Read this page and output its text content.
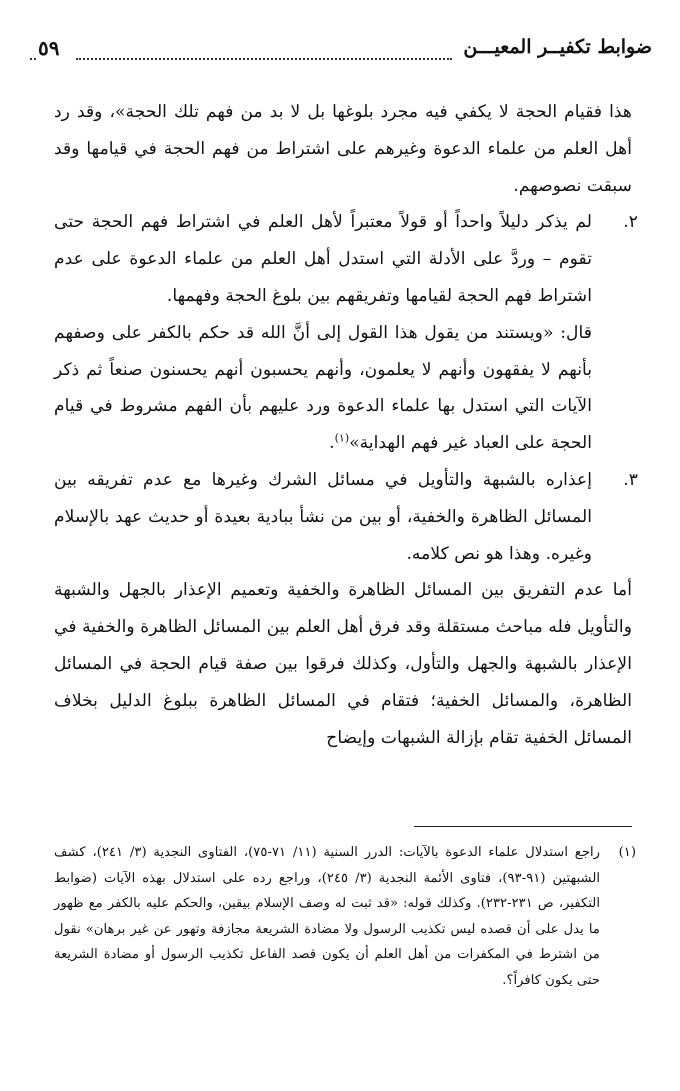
ضوابط تكفيــر المعيـــن
٥٩

هذا فقيام الحجة لا يكفي فيه مجرد بلوغها بل لا بد من فهم تلك الحجة»، وقد رد أهل العلم من علماء الدعوة وغيرهم على اشتراط من فهم الحجة في قيامها وقد سبقت نصوصهم.

٢.

لم يذكر دليلاً واحداً أو قولاً معتبراً لأهل العلم في اشتراط فهم الحجة حتى تقوم – وردَّ على الأدلة التي استدل أهل العلم من علماء الدعوة على عدم اشتراط فهم الحجة لقيامها وتفريقهم بين بلوغ الحجة وفهمها.

قال: «ويستند من يقول هذا القول إلى أنَّ الله قد حكم بالكفر على وصفهم بأنهم لا يفقهون وأنهم لا يعلمون، وأنهم يحسبون أنهم يحسنون صنعاً ثم ذكر الآيات التي استدل بها علماء الدعوة ورد عليهم بأن الفهم مشروط في قيام الحجة على العباد غير فهم الهداية»$^{(١)}$.

٣.

إعذاره بالشبهة والتأويل في مسائل الشرك وغيرها مع عدم تفريقه بين المسائل الظاهرة والخفية، أو بين من نشأ ببادية بعيدة أو حديث عهد بالإسلام وغيره. وهذا هو نص كلامه.

أما عدم التفريق بين المسائل الظاهرة والخفية وتعميم الإعذار بالجهل والشبهة والتأويل فله مباحث مستقلة وقد فرق أهل العلم بين المسائل الظاهرة والخفية في الإعذار بالشبهة والجهل والتأول، وكذلك فرقوا بين صفة قيام الحجة في المسائل الظاهرة، والمسائل الخفية؛ فتقام في المسائل الظاهرة ببلوغ الدليل بخلاف المسائل الخفية تقام بإزالة الشبهات وإيضاح

(١)

راجع استدلال علماء الدعوة بالآيات: الدرر السنية (١١/ ٧١-٧٥)، الفتاوى النجدية (٣/ ٢٤١)، كشف الشبهتين (٩١-٩٣)، فتاوى الأئمة النجدية (٣/ ٢٤٥)، وراجع رده على استدلال بهذه الآيات (ضوابط التكفير، ص ٢٣١-٢٣٢). وكذلك قوله: «قد ثبت له وصف الإسلام بيقين، والحكم عليه بالكفر مع ظهور ما يدل على أن قصده ليس تكذيب الرسول ولا مضادة الشريعة مجازفة وتهور عن غير برهان» نقول من اشترط في المكفرات من أهل العلم أن يكون قصد الفاعل تكذيب الرسول أو مضادة الشريعة حتى يكون كافراً؟.
